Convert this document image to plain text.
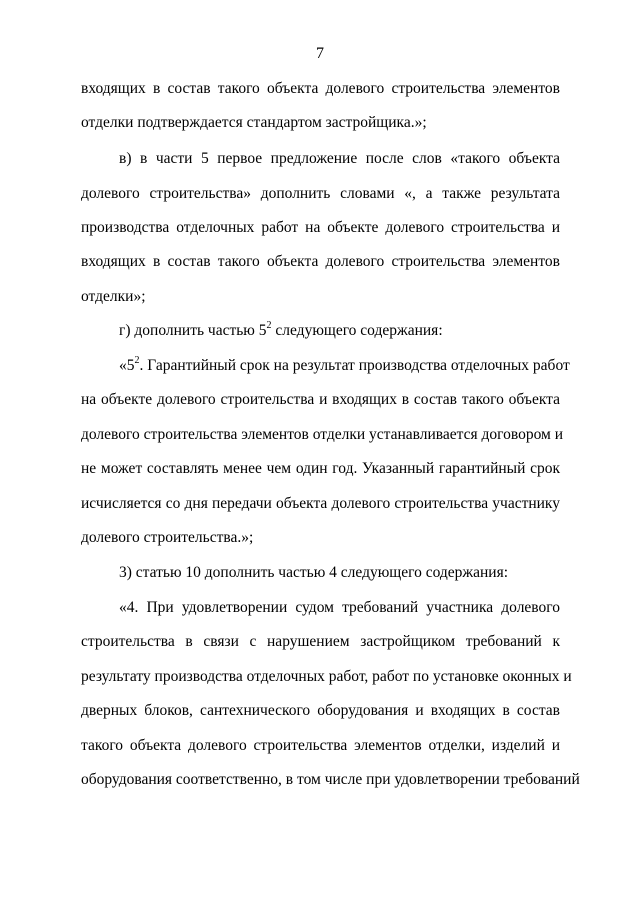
7
входящих в состав такого объекта долевого строительства элементов
отделки подтверждается стандартом застройщика.»;
в) в части 5 первое предложение после слов «такого объекта
долевого строительства» дополнить словами «, а также результата
производства отделочных работ на объекте долевого строительства и
входящих в состав такого объекта долевого строительства элементов
отделки»;
г) дополнить частью $5^2$ следующего содержания:
«$5^2$. Гарантийный срок на результат производства отделочных работ
на объекте долевого строительства и входящих в состав такого объекта
долевого строительства элементов отделки устанавливается договором и
не может составлять менее чем один год. Указанный гарантийный срок
исчисляется со дня передачи объекта долевого строительства участнику
долевого строительства.»;
3) статью 10 дополнить частью 4 следующего содержания:
«4. При удовлетворении судом требований участника долевого
строительства в связи с нарушением застройщиком требований к
результату производства отделочных работ, работ по установке оконных и
дверных блоков, сантехнического оборудования и входящих в состав
такого объекта долевого строительства элементов отделки, изделий и
оборудования соответственно, в том числе при удовлетворении требований
